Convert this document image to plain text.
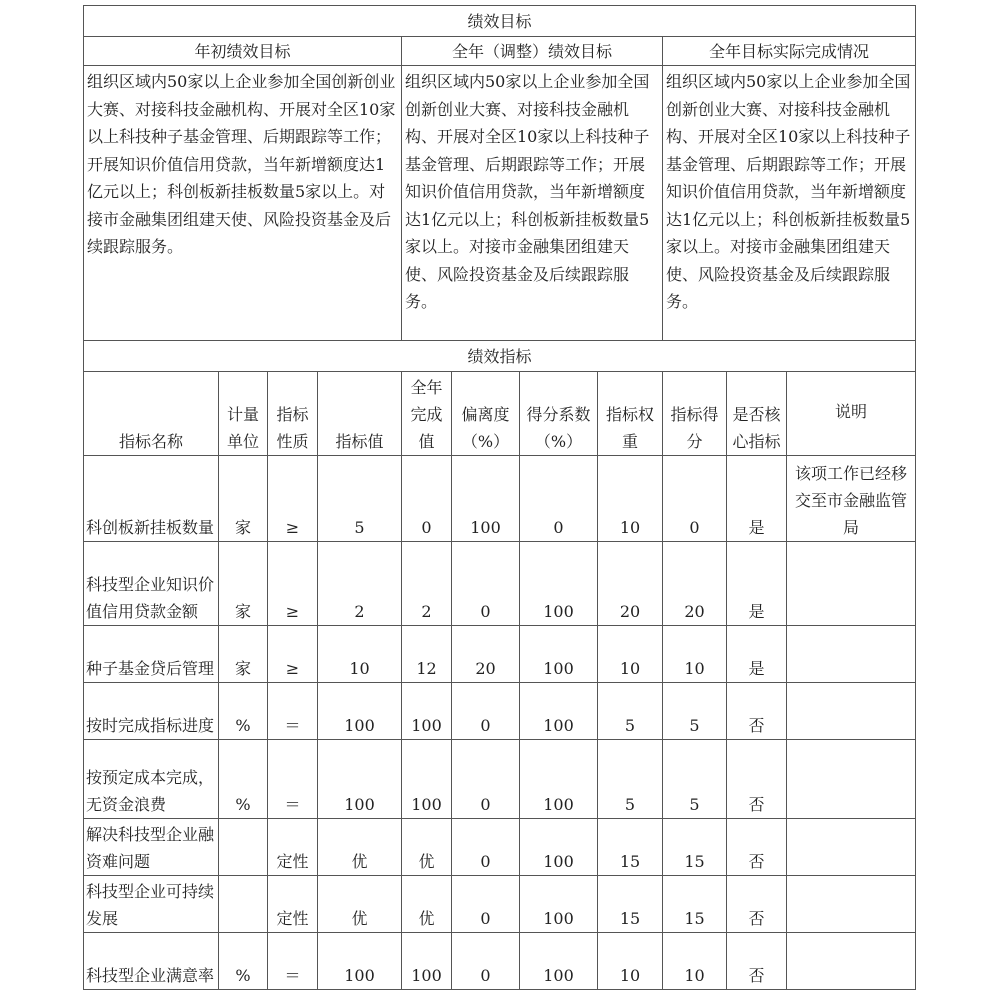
绩效目标										
年初绩效目标				全年（调整）绩效目标				全年目标实际完成情况		
组织区域内50家以上企业参加全国创新创业大赛、对接科技金融机构、开展对全区10家以上科技种子基金管理、后期跟踪等工作；开展知识价值信用贷款，当年新增额度达1亿元以上；科创板新挂板数量5家以上。对接市金融集团组建天使、风险投资基金及后续跟踪服务。				组织区域内50家以上企业参加全国创新创业大赛、对接科技金融机构、开展对全区10家以上科技种子基金管理、后期跟踪等工作；开展知识价值信用贷款，当年新增额度达1亿元以上；科创板新挂板数量5家以上。对接市金融集团组建天使、风险投资基金及后续跟踪服务。				组织区域内50家以上企业参加全国创新创业大赛、对接科技金融机构、开展对全区10家以上科技种子基金管理、后期跟踪等工作；开展知识价值信用贷款，当年新增额度达1亿元以上；科创板新挂板数量5家以上。对接市金融集团组建天使、风险投资基金及后续跟踪服务。		
绩效指标										
指标名称	计量单位	指标性质	指标值	全年完成值	偏离度（%）	得分系数（%）	指标权重	指标得分	是否核心指标	说明
科创板新挂板数量	家	≥	5	0	100	0	10	0	是	该项工作已经移交至市金融监管局
科技型企业知识价值信用贷款金额	家	≥	2	2	0	100	20	20	是	
种子基金贷后管理	家	≥	10	12	20	100	10	10	是	
按时完成指标进度	%	＝	100	100	0	100	5	5	否	
按预定成本完成，无资金浪费	%	＝	100	100	0	100	5	5	否	
解决科技型企业融资难问题		定性	优	优	0	100	15	15	否	
科技型企业可持续发展		定性	优	优	0	100	15	15	否	
科技型企业满意率	%	＝	100	100	0	100	10	10	否	
